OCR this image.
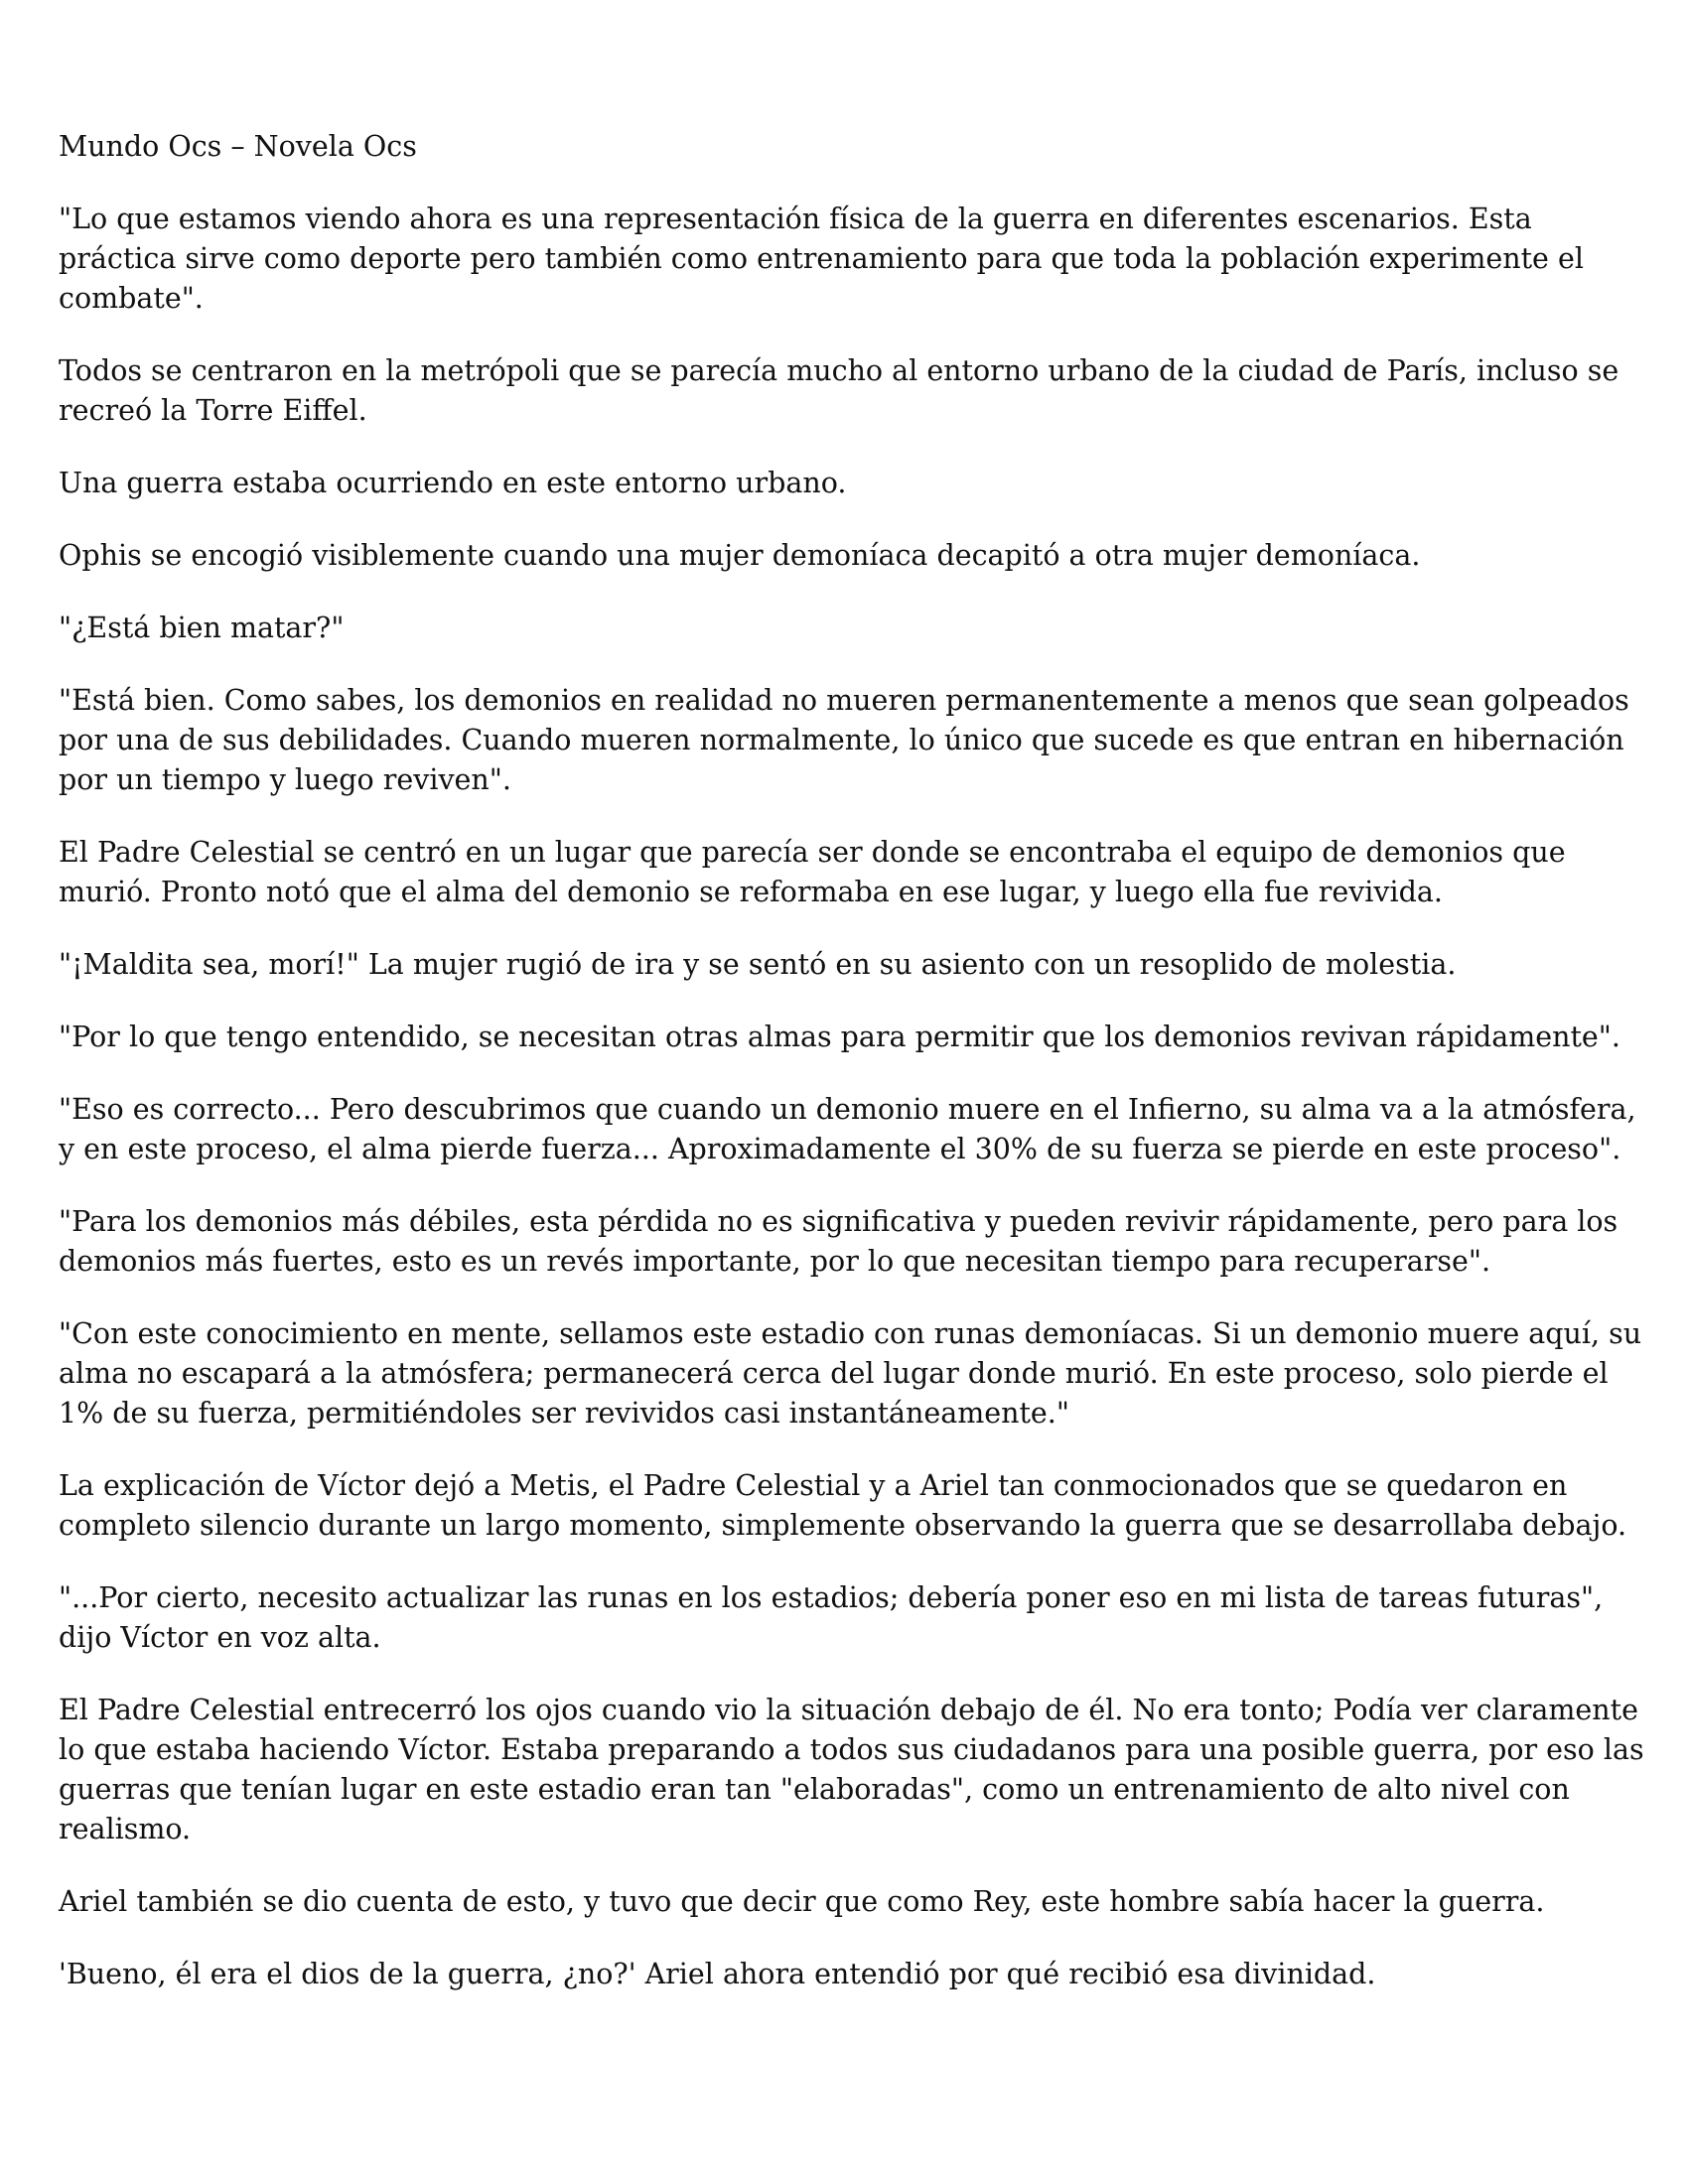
Mundo Ocs – Novela Ocs

"Lo que estamos viendo ahora es una representación física de la guerra en diferentes escenarios. Esta práctica sirve como deporte pero también como entrenamiento para que toda la población experimente el combate".

Todos se centraron en la metrópoli que se parecía mucho al entorno urbano de la ciudad de París, incluso se recreó la Torre Eiffel.

Una guerra estaba ocurriendo en este entorno urbano.

Ophis se encogió visiblemente cuando una mujer demoníaca decapitó a otra mujer demoníaca.

"¿Está bien matar?"

"Está bien. Como sabes, los demonios en realidad no mueren permanentemente a menos que sean golpeados por una de sus debilidades. Cuando mueren normalmente, lo único que sucede es que entran en hibernación por un tiempo y luego reviven".

El Padre Celestial se centró en un lugar que parecía ser donde se encontraba el equipo de demonios que murió. Pronto notó que el alma del demonio se reformaba en ese lugar, y luego ella fue revivida.

"¡Maldita sea, morí!" La mujer rugió de ira y se sentó en su asiento con un resoplido de molestia.

"Por lo que tengo entendido, se necesitan otras almas para permitir que los demonios revivan rápidamente".

"Eso es correcto... Pero descubrimos que cuando un demonio muere en el Infierno, su alma va a la atmósfera, y en este proceso, el alma pierde fuerza... Aproximadamente el 30% de su fuerza se pierde en este proceso".

"Para los demonios más débiles, esta pérdida no es significativa y pueden revivir rápidamente, pero para los demonios más fuertes, esto es un revés importante, por lo que necesitan tiempo para recuperarse".

"Con este conocimiento en mente, sellamos este estadio con runas demoníacas. Si un demonio muere aquí, su alma no escapará a la atmósfera; permanecerá cerca del lugar donde murió. En este proceso, solo pierde el 1% de su fuerza, permitiéndoles ser revividos casi instantáneamente."

La explicación de Víctor dejó a Metis, el Padre Celestial y a Ariel tan conmocionados que se quedaron en completo silencio durante un largo momento, simplemente observando la guerra que se desarrollaba debajo.

"...Por cierto, necesito actualizar las runas en los estadios; debería poner eso en mi lista de tareas futuras", dijo Víctor en voz alta.

El Padre Celestial entrecerró los ojos cuando vio la situación debajo de él. No era tonto; Podía ver claramente lo que estaba haciendo Víctor. Estaba preparando a todos sus ciudadanos para una posible guerra, por eso las guerras que tenían lugar en este estadio eran tan "elaboradas", como un entrenamiento de alto nivel con realismo.

Ariel también se dio cuenta de esto, y tuvo que decir que como Rey, este hombre sabía hacer la guerra.

'Bueno, él era el dios de la guerra, ¿no?' Ariel ahora entendió por qué recibió esa divinidad.
